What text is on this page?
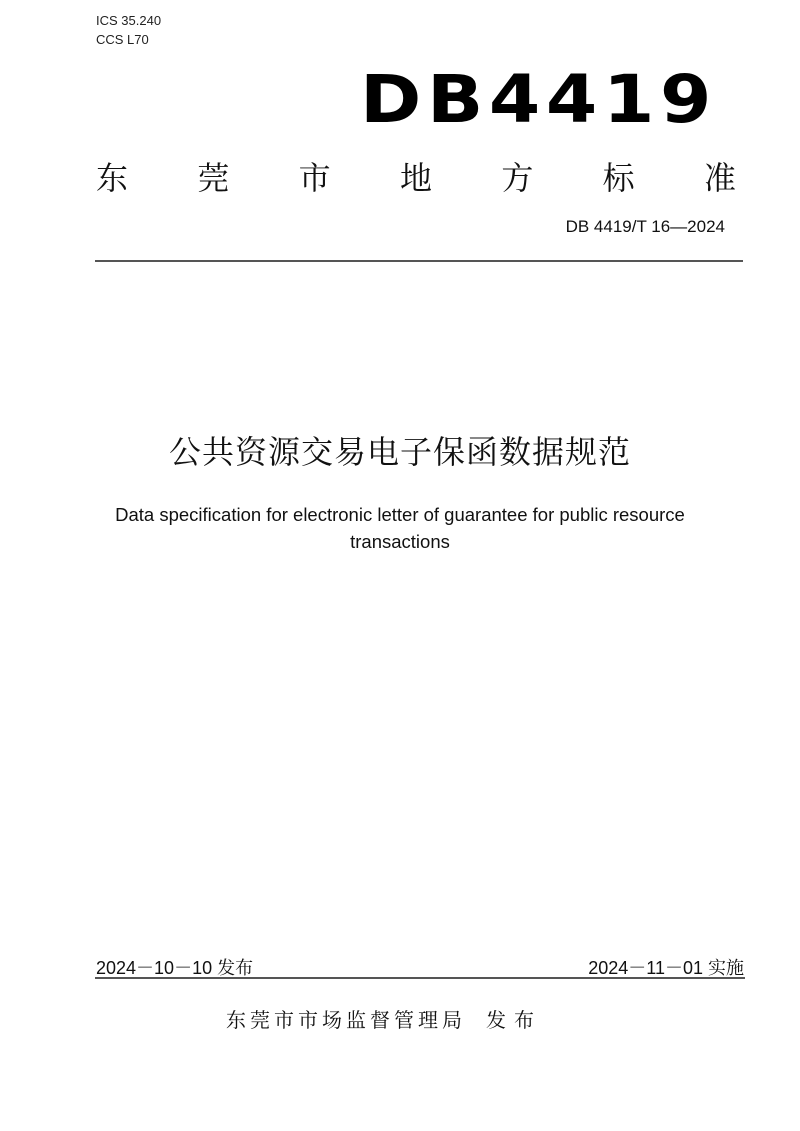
ICS 35.240
CCS L70
DB4419
东 莞 市 地 方 标 准
DB 4419/T 16—2024
公共资源交易电子保函数据规范
Data specification for electronic letter of guarantee for public resource
transactions
2024－10－10 发布	2024－11－01 实施
东莞市市场监督管理局 发布
